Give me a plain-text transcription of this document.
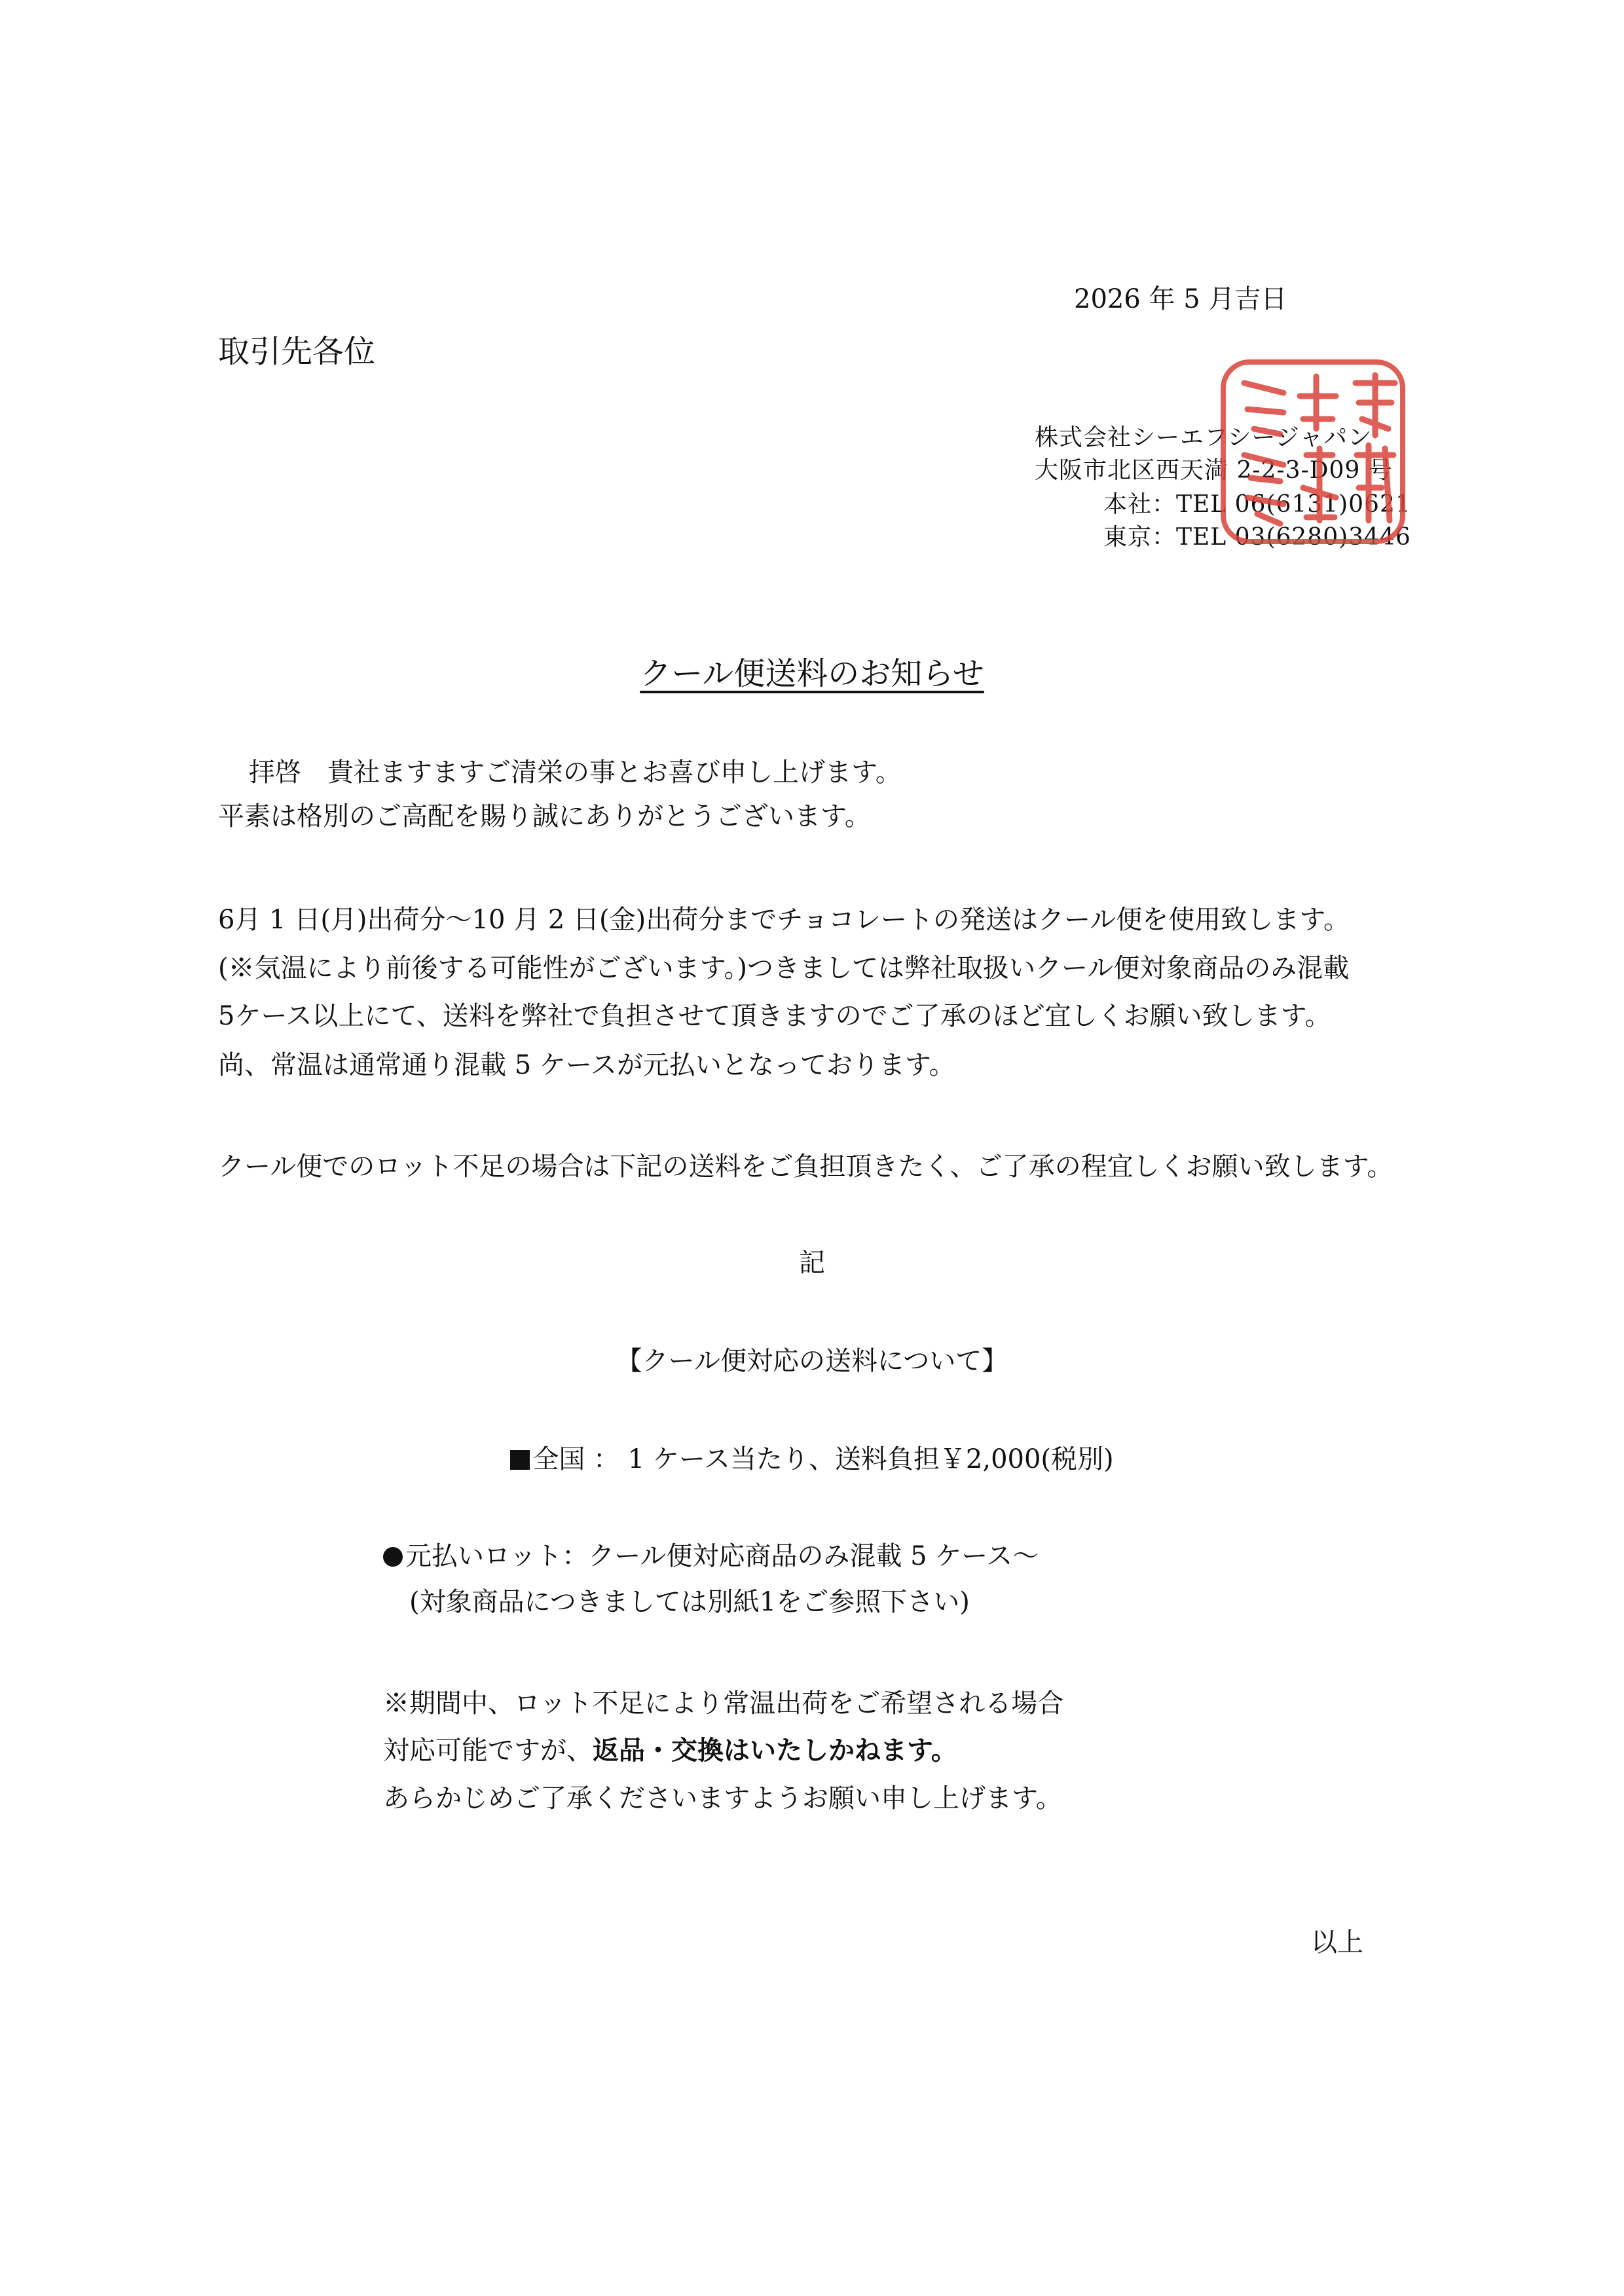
2026 年 5 月吉日
取引先各位
株式会社シーエフシージャパン
大阪市北区西天満 2-2-3-D09 号
本社：TEL 06(6131)0621
東京：TEL 03(6280)3446
クール便送料のお知らせ
拝啓　貴社ますますご清栄の事とお喜び申し上げます。
平素は格別のご高配を賜り誠にありがとうございます。
6月 1 日(月)出荷分～10 月 2 日(金)出荷分までチョコレートの発送はクール便を使用致します。
(※気温により前後する可能性がございます。)つきましては弊社取扱いクール便対象商品のみ混載
5ケース以上にて、送料を弊社で負担させて頂きますのでご了承のほど宜しくお願い致します。
尚、常温は通常通り混載 5 ケースが元払いとなっております。
クール便でのロット不足の場合は下記の送料をご負担頂きたく、ご了承の程宜しくお願い致します。
記
【クール便対応の送料について】
全国 ： 1 ケース当たり、送料負担￥2,000(税別)
元払いロット：クール便対応商品のみ混載 5 ケース～
(対象商品につきましては別紙1をご参照下さい)
※期間中、ロット不足により常温出荷をご希望される場合
対応可能ですが、返品・交換はいたしかねます。
あらかじめご了承くださいますようお願い申し上げます。
以上
